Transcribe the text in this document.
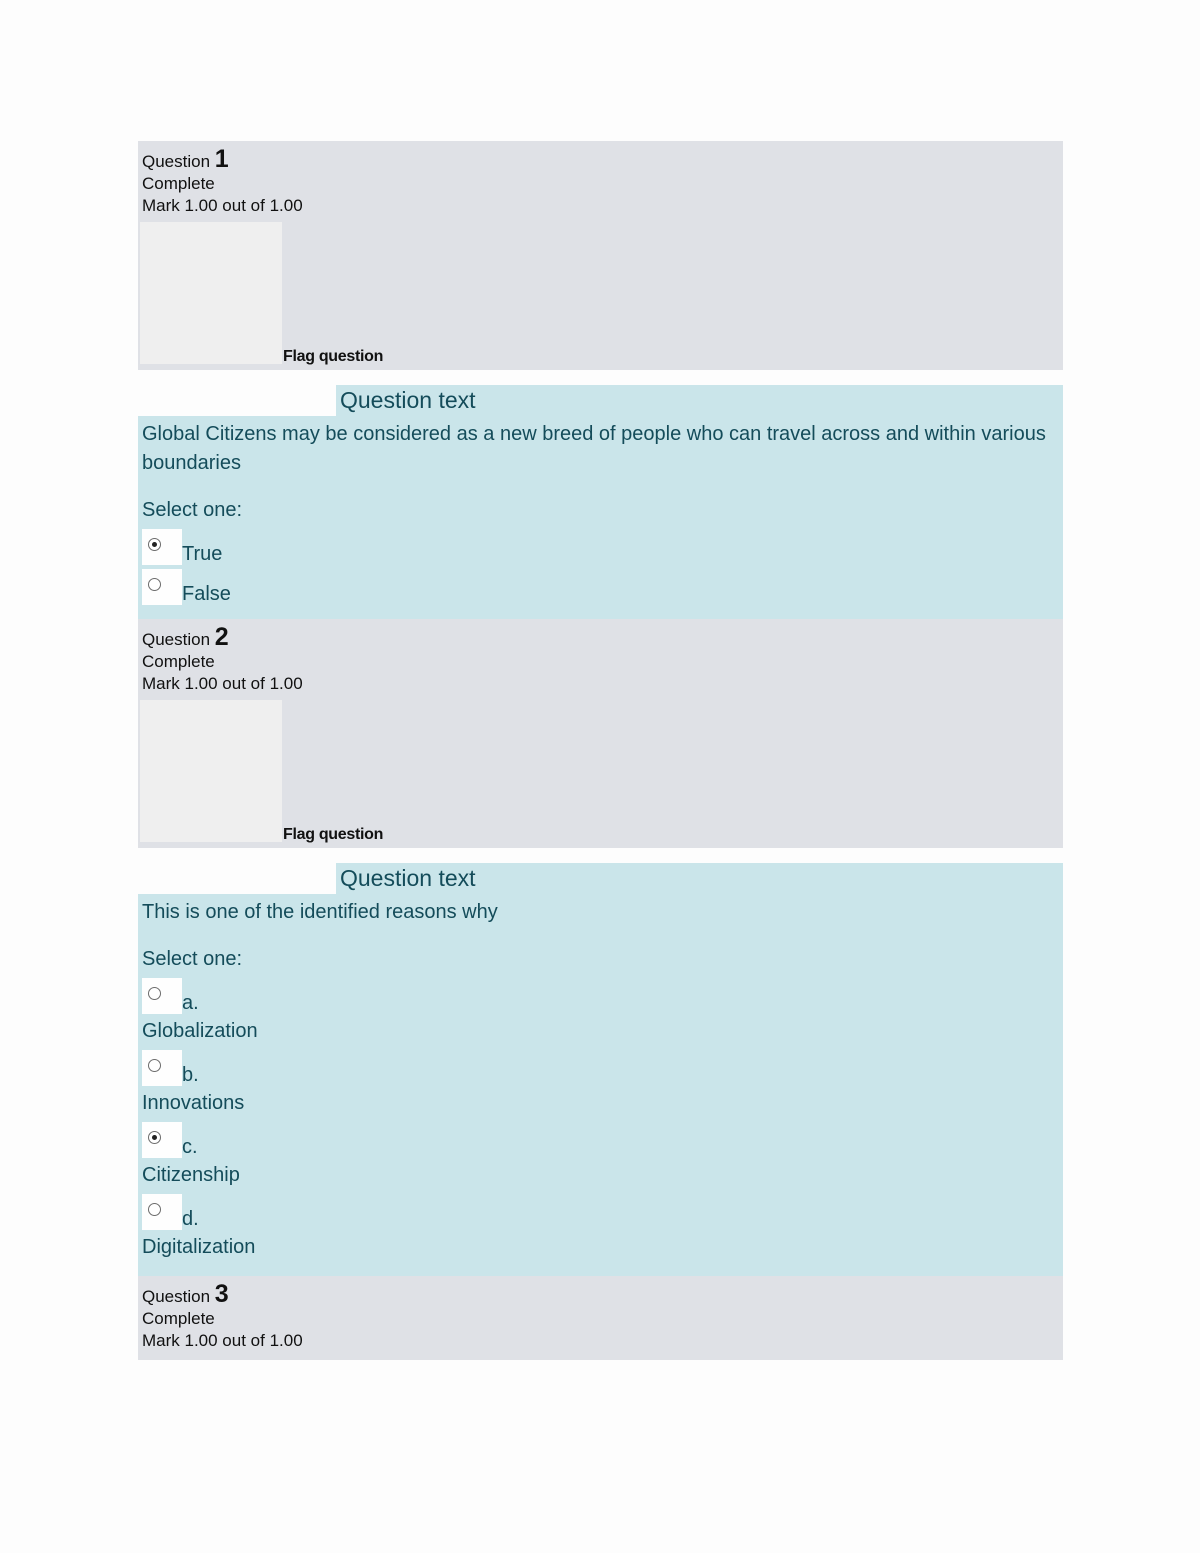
Question 1
Complete
Mark 1.00 out of 1.00
Flag question
Question text
Global Citizens may be considered as a new breed of people who can travel across and within various boundaries
Select one:
True
False
Question 2
Complete
Mark 1.00 out of 1.00
Flag question
Question text
This is one of the identified reasons why
Select one:
a.
Globalization
b.
Innovations
c.
Citizenship
d.
Digitalization
Question 3
Complete
Mark 1.00 out of 1.00
